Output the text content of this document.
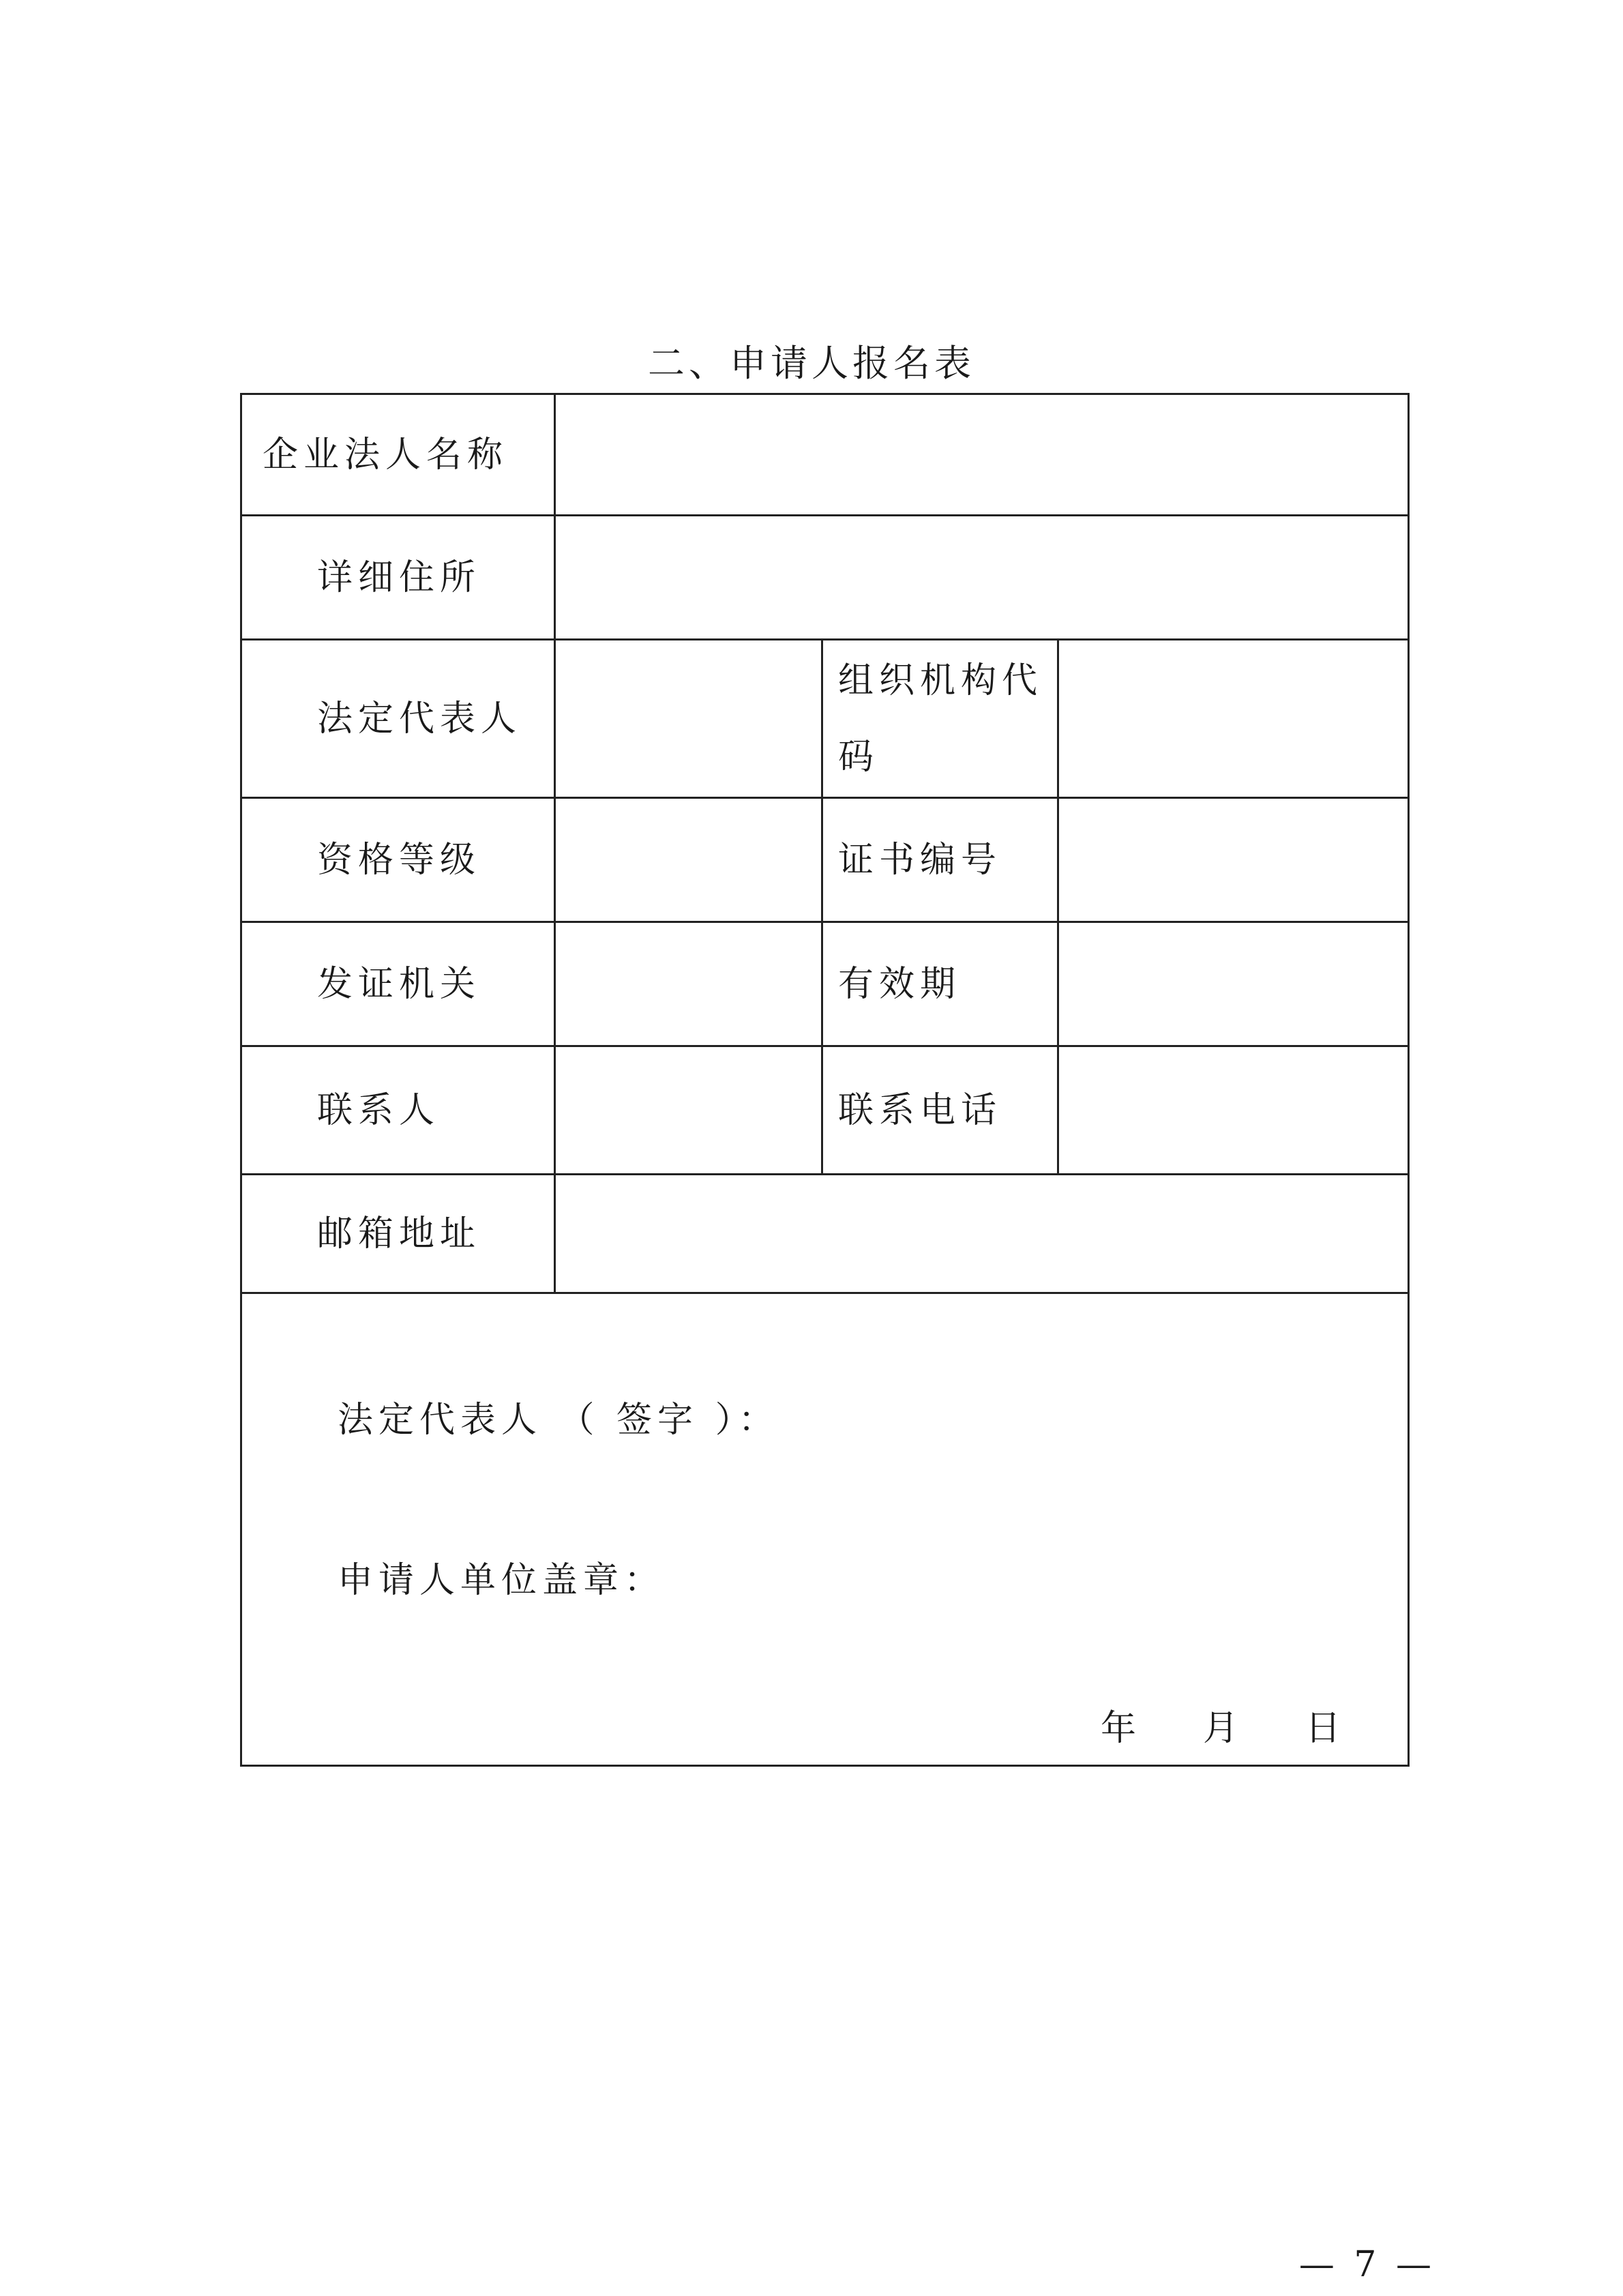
二、申请人报名表
企业法人名称			
详细住所			
法定代表人		组织机构代码	
资格等级		证书编号	
发证机关		有效期	
联系人		联系电话	
邮箱地址			

法定代表人 （ 签字 ）：
申请人单位盖章：
年 月 日			
— 7 —
